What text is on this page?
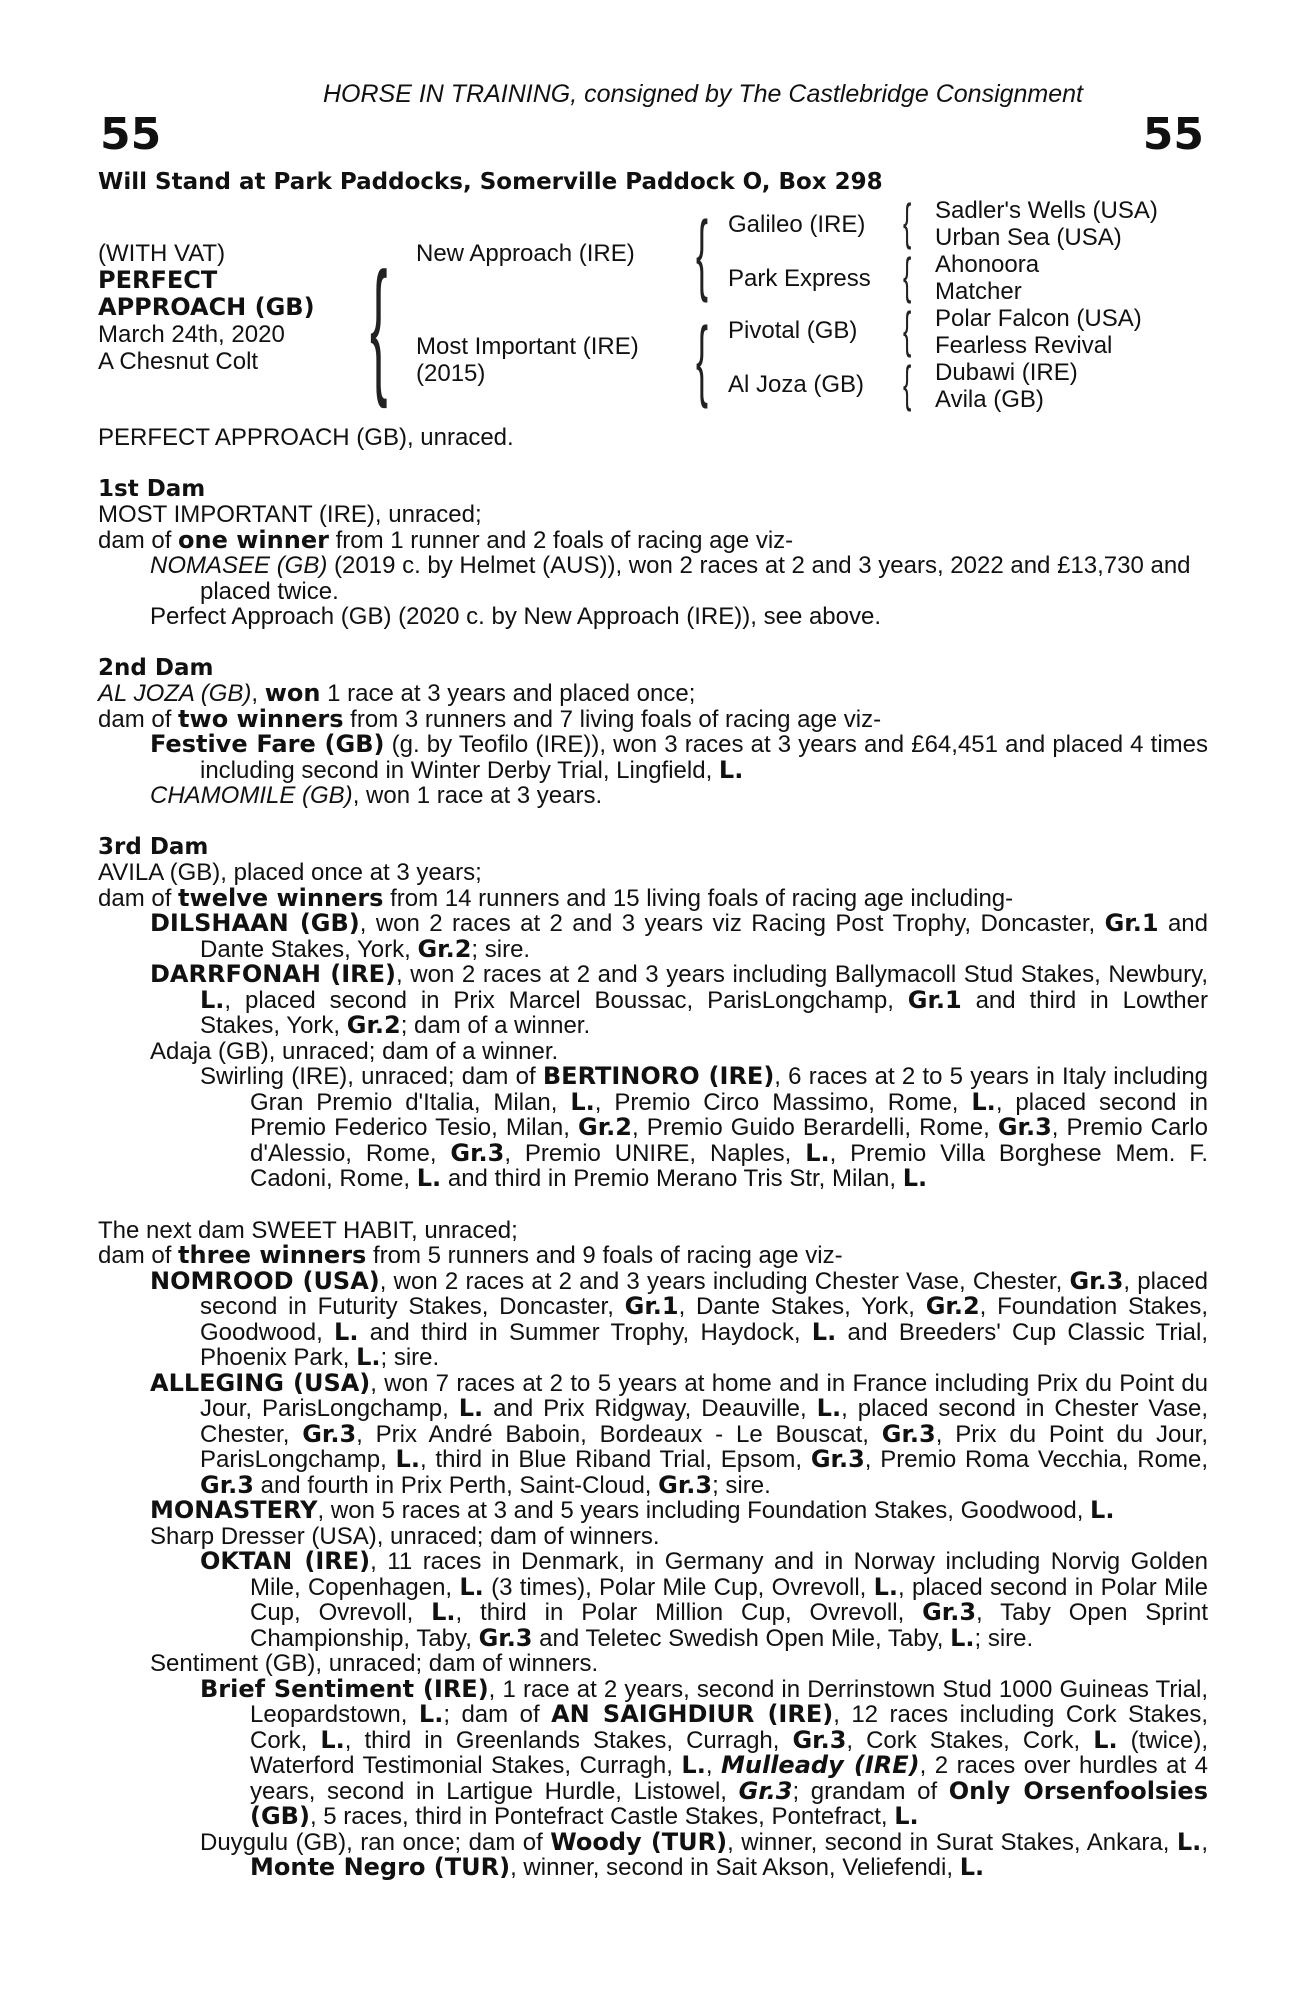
HORSE IN TRAINING, consigned by The Castlebridge Consignment
55	55
Will Stand at Park Paddocks, Somerville Paddock O, Box 298
(WITH VAT)
PERFECT
APPROACH (GB)
March 24th, 2020
A Chesnut Colt { New Approach (IRE)
Most Important (IRE)
(2015)
{ Galileo (IRE)
Park Express
{ Pivotal (GB)
Al Joza (GB)
{ Sadler's Wells (USA)
Urban Sea (USA)
{ Ahonoora
Matcher
{ Polar Falcon (USA)
Fearless Revival
{ Dubawi (IRE)
Avila (GB)

PERFECT APPROACH (GB), unraced.

1st Dam

MOST IMPORTANT (IRE), unraced;

dam of one winner from 1 runner and 2 foals of racing age viz-

NOMASEE (GB) (2019 c. by Helmet (AUS)), won 2 races at 2 and 3 years, 2022 and £13,730 and placed twice.

Perfect Approach (GB) (2020 c. by New Approach (IRE)), see above.

2nd Dam

AL JOZA (GB), won 1 race at 3 years and placed once;

dam of two winners from 3 runners and 7 living foals of racing age viz-

Festive Fare (GB) (g. by Teofilo (IRE)), won 3 races at 3 years and £64,451 and placed 4 times including second in Winter Derby Trial, Lingfield, L.

CHAMOMILE (GB), won 1 race at 3 years.

3rd Dam

AVILA (GB), placed once at 3 years;

dam of twelve winners from 14 runners and 15 living foals of racing age including-

DILSHAAN (GB), won 2 races at 2 and 3 years viz Racing Post Trophy, Doncaster, Gr.1 and Dante Stakes, York, Gr.2; sire.

DARRFONAH (IRE), won 2 races at 2 and 3 years including Ballymacoll Stud Stakes, Newbury, L., placed second in Prix Marcel Boussac, ParisLongchamp, Gr.1 and third in Lowther Stakes, York, Gr.2; dam of a winner.

Adaja (GB), unraced; dam of a winner.

Swirling (IRE), unraced; dam of BERTINORO (IRE), 6 races at 2 to 5 years in Italy including Gran Premio d'Italia, Milan, L., Premio Circo Massimo, Rome, L., placed second in Premio Federico Tesio, Milan, Gr.2, Premio Guido Berardelli, Rome, Gr.3, Premio Carlo d'Alessio, Rome, Gr.3, Premio UNIRE, Naples, L., Premio Villa Borghese Mem. F. Cadoni, Rome, L. and third in Premio Merano Tris Str, Milan, L.

The next dam SWEET HABIT, unraced;

dam of three winners from 5 runners and 9 foals of racing age viz-

NOMROOD (USA), won 2 races at 2 and 3 years including Chester Vase, Chester, Gr.3, placed second in Futurity Stakes, Doncaster, Gr.1, Dante Stakes, York, Gr.2, Foundation Stakes, Goodwood, L. and third in Summer Trophy, Haydock, L. and Breeders' Cup Classic Trial, Phoenix Park, L.; sire.

ALLEGING (USA), won 7 races at 2 to 5 years at home and in France including Prix du Point du Jour, ParisLongchamp, L. and Prix Ridgway, Deauville, L., placed second in Chester Vase, Chester, Gr.3, Prix André Baboin, Bordeaux - Le Bouscat, Gr.3, Prix du Point du Jour, ParisLongchamp, L., third in Blue Riband Trial, Epsom, Gr.3, Premio Roma Vecchia, Rome, Gr.3 and fourth in Prix Perth, Saint-Cloud, Gr.3; sire.

MONASTERY, won 5 races at 3 and 5 years including Foundation Stakes, Goodwood, L.

Sharp Dresser (USA), unraced; dam of winners.

OKTAN (IRE), 11 races in Denmark, in Germany and in Norway including Norvig Golden Mile, Copenhagen, L. (3 times), Polar Mile Cup, Ovrevoll, L., placed second in Polar Mile Cup, Ovrevoll, L., third in Polar Million Cup, Ovrevoll, Gr.3, Taby Open Sprint Championship, Taby, Gr.3 and Teletec Swedish Open Mile, Taby, L.; sire.

Sentiment (GB), unraced; dam of winners.

Brief Sentiment (IRE), 1 race at 2 years, second in Derrinstown Stud 1000 Guineas Trial, Leopardstown, L.; dam of AN SAIGHDIUR (IRE), 12 races including Cork Stakes, Cork, L., third in Greenlands Stakes, Curragh, Gr.3, Cork Stakes, Cork, L. (twice), Waterford Testimonial Stakes, Curragh, L., Mulleady (IRE), 2 races over hurdles at 4 years, second in Lartigue Hurdle, Listowel, Gr.3; grandam of Only Orsenfoolsies (GB), 5 races, third in Pontefract Castle Stakes, Pontefract, L.

Duygulu (GB), ran once; dam of Woody (TUR), winner, second in Surat Stakes, Ankara, L., Monte Negro (TUR), winner, second in Sait Akson, Veliefendi, L.
